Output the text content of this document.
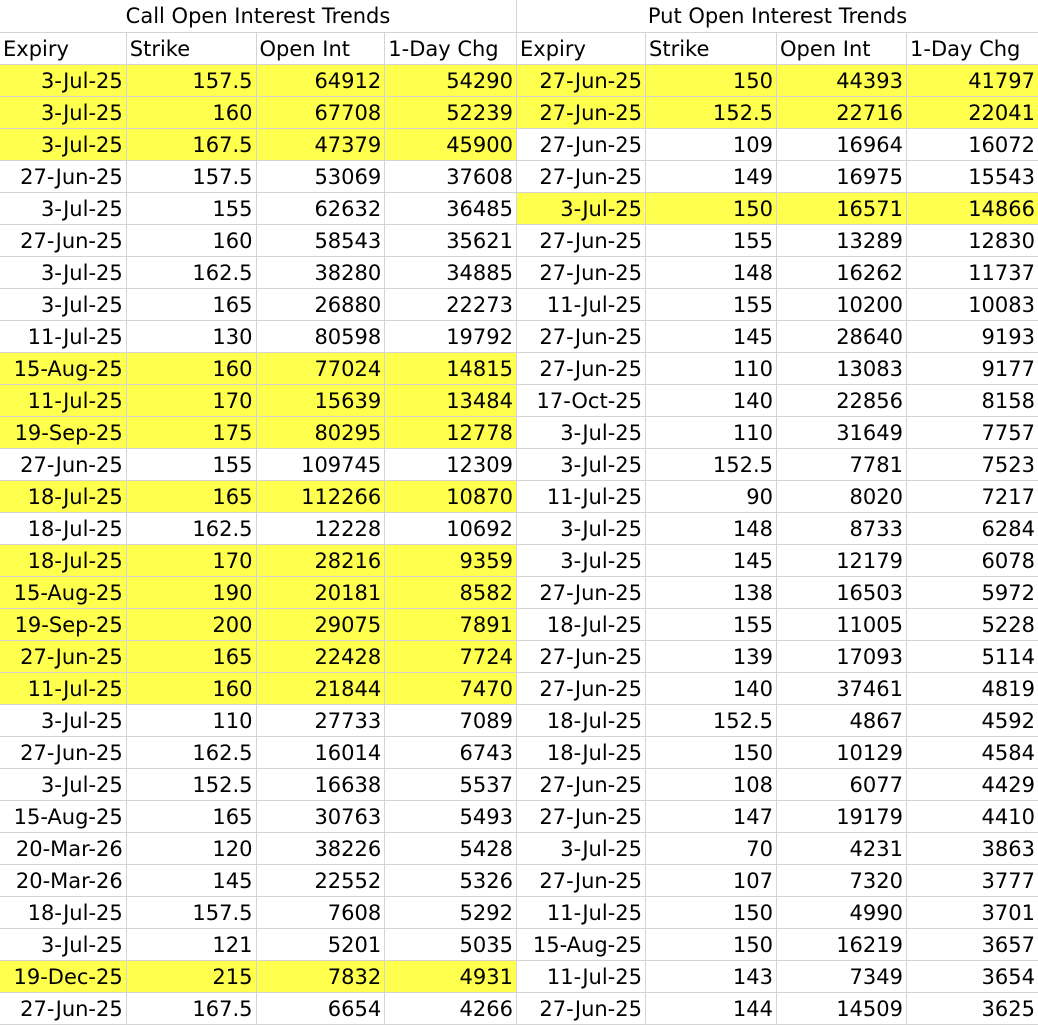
Call Open Interest Trends	Put Open Interest Trends
Expiry	Strike	Open Int	1-Day Chg	Expiry	Strike	Open Int	1-Day Chg
3-Jul-25	157.5	64912	54290	27-Jun-25	150	44393	41797
3-Jul-25	160	67708	52239	27-Jun-25	152.5	22716	22041
3-Jul-25	167.5	47379	45900	27-Jun-25	109	16964	16072
27-Jun-25	157.5	53069	37608	27-Jun-25	149	16975	15543
3-Jul-25	155	62632	36485	3-Jul-25	150	16571	14866
27-Jun-25	160	58543	35621	27-Jun-25	155	13289	12830
3-Jul-25	162.5	38280	34885	27-Jun-25	148	16262	11737
3-Jul-25	165	26880	22273	11-Jul-25	155	10200	10083
11-Jul-25	130	80598	19792	27-Jun-25	145	28640	9193
15-Aug-25	160	77024	14815	27-Jun-25	110	13083	9177
11-Jul-25	170	15639	13484	17-Oct-25	140	22856	8158
19-Sep-25	175	80295	12778	3-Jul-25	110	31649	7757
27-Jun-25	155	109745	12309	3-Jul-25	152.5	7781	7523
18-Jul-25	165	112266	10870	11-Jul-25	90	8020	7217
18-Jul-25	162.5	12228	10692	3-Jul-25	148	8733	6284
18-Jul-25	170	28216	9359	3-Jul-25	145	12179	6078
15-Aug-25	190	20181	8582	27-Jun-25	138	16503	5972
19-Sep-25	200	29075	7891	18-Jul-25	155	11005	5228
27-Jun-25	165	22428	7724	27-Jun-25	139	17093	5114
11-Jul-25	160	21844	7470	27-Jun-25	140	37461	4819
3-Jul-25	110	27733	7089	18-Jul-25	152.5	4867	4592
27-Jun-25	162.5	16014	6743	18-Jul-25	150	10129	4584
3-Jul-25	152.5	16638	5537	27-Jun-25	108	6077	4429
15-Aug-25	165	30763	5493	27-Jun-25	147	19179	4410
20-Mar-26	120	38226	5428	3-Jul-25	70	4231	3863
20-Mar-26	145	22552	5326	27-Jun-25	107	7320	3777
18-Jul-25	157.5	7608	5292	11-Jul-25	150	4990	3701
3-Jul-25	121	5201	5035 15-Aug-25	150	16219	3657
19-Dec-25	215	7832	4931	11-Jul-25	143	7349	3654
27-Jun-25	167.5	6654	4266	27-Jun-25	144	14509	3625
